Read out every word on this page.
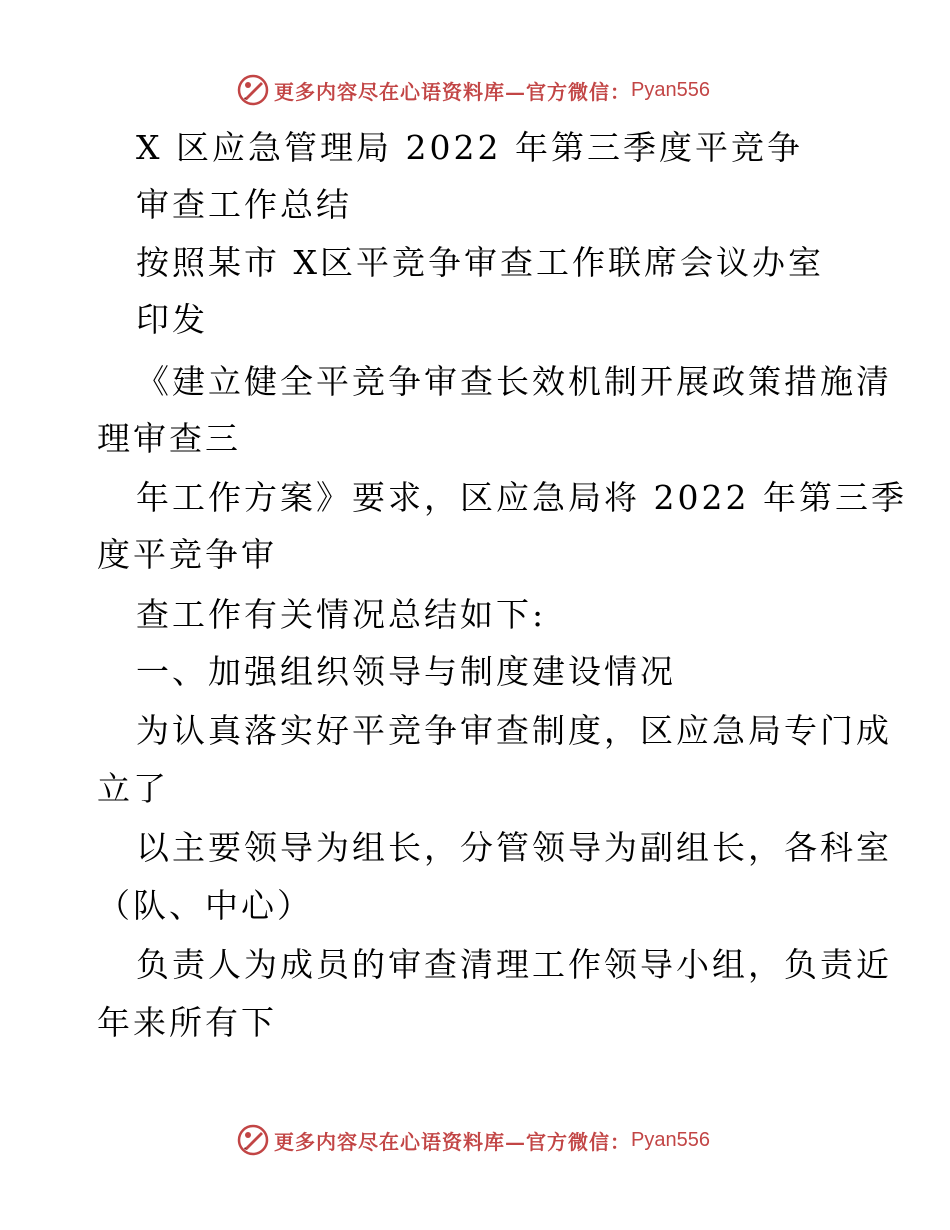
更多内容尽在心语资料库—官方微信： Pyan556
X 区应急管理局 2022 年第三季度平竞争
审查工作总结
按照某市 X区平竞争审查工作联席会议办室
印发
《建立健全平竞争审查长效机制开展政策措施清
理审查三
年工作方案》要求，区应急局将 2022 年第三季
度平竞争审
查工作有关情况总结如下:
一、加强组织领导与制度建设情况
为认真落实好平竞争审查制度，区应急局专门成
立了
以主要领导为组长，分管领导为副组长，各科室
（队、中心）
负责人为成员的审查清理工作领导小组，负责近
年来所有下
更多内容尽在心语资料库—官方微信： Pyan556
